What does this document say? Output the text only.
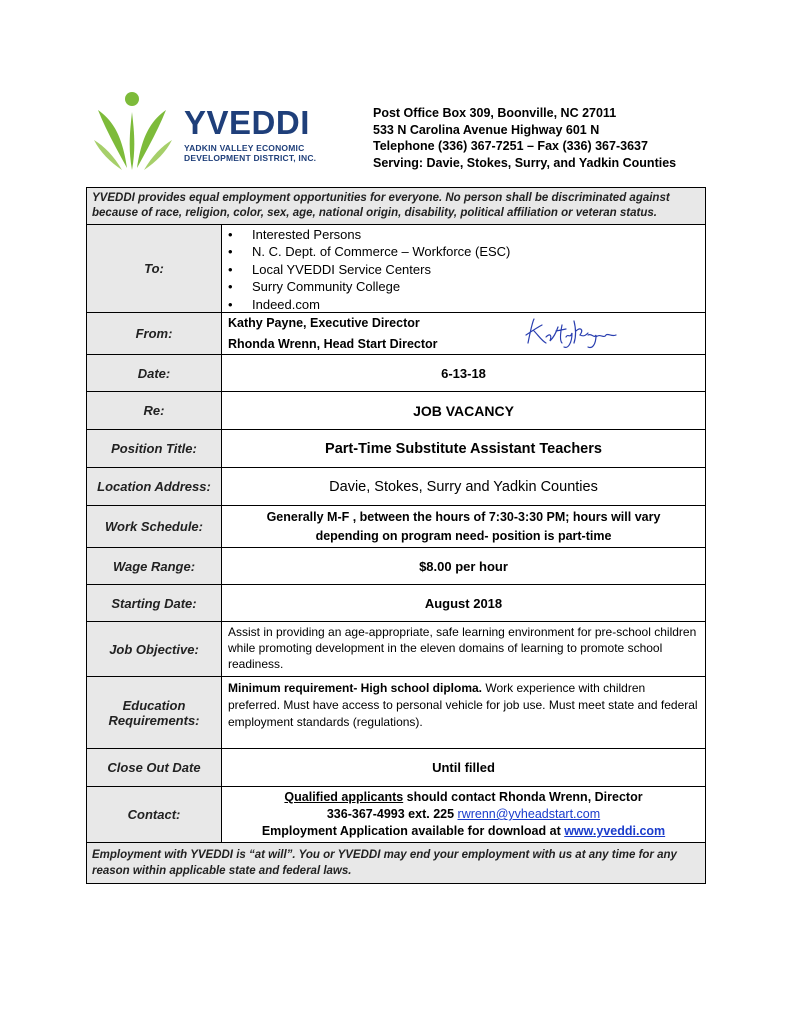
YVEDDI
YADKIN VALLEY ECONOMIC
DEVELOPMENT DISTRICT, INC.
Post Office Box 309, Boonville, NC 27011
533 N Carolina Avenue Highway 601 N
Telephone (336) 367-7251 – Fax (336) 367-3637
Serving: Davie, Stokes, Surry, and Yadkin Counties
YVEDDI provides equal employment opportunities for everyone. No person shall be discriminated against because of race, religion, color, sex, age, national origin, disability, political affiliation or veteran status.
To:
• Interested Persons
• N. C. Dept. of Commerce – Workforce (ESC)
• Local YVEDDI Service Centers
• Surry Community College
• Indeed.com
From:
Kathy Payne, Executive Director
Rhonda Wrenn, Head Start Director
Date:	6-13-18
Re:	JOB VACANCY
Position Title:	Part-Time Substitute Assistant Teachers
Location Address:	Davie, Stokes, Surry and Yadkin Counties
Work Schedule:
Generally M-F , between the hours of 7:30-3:30 PM; hours will vary
depending on program need- position is part-time
Wage Range:	$8.00 per hour
Starting Date:	August 2018
Job Objective:
Assist in providing an age-appropriate, safe learning environment for pre-school children while promoting development in the eleven domains of learning to promote school readiness.
Education Requirements:
Minimum requirement- High school diploma. Work experience with children preferred. Must have access to personal vehicle for job use. Must meet state and federal employment standards (regulations).
Close Out Date	Until filled
Contact:
Qualified applicants should contact Rhonda Wrenn, Director
336-367-4993 ext. 225 rwrenn@yvheadstart.com
Employment Application available for download at www.yveddi.com
Employment with YVEDDI is “at will”. You or YVEDDI may end your employment with us at any time for any reason within applicable state and federal laws.
